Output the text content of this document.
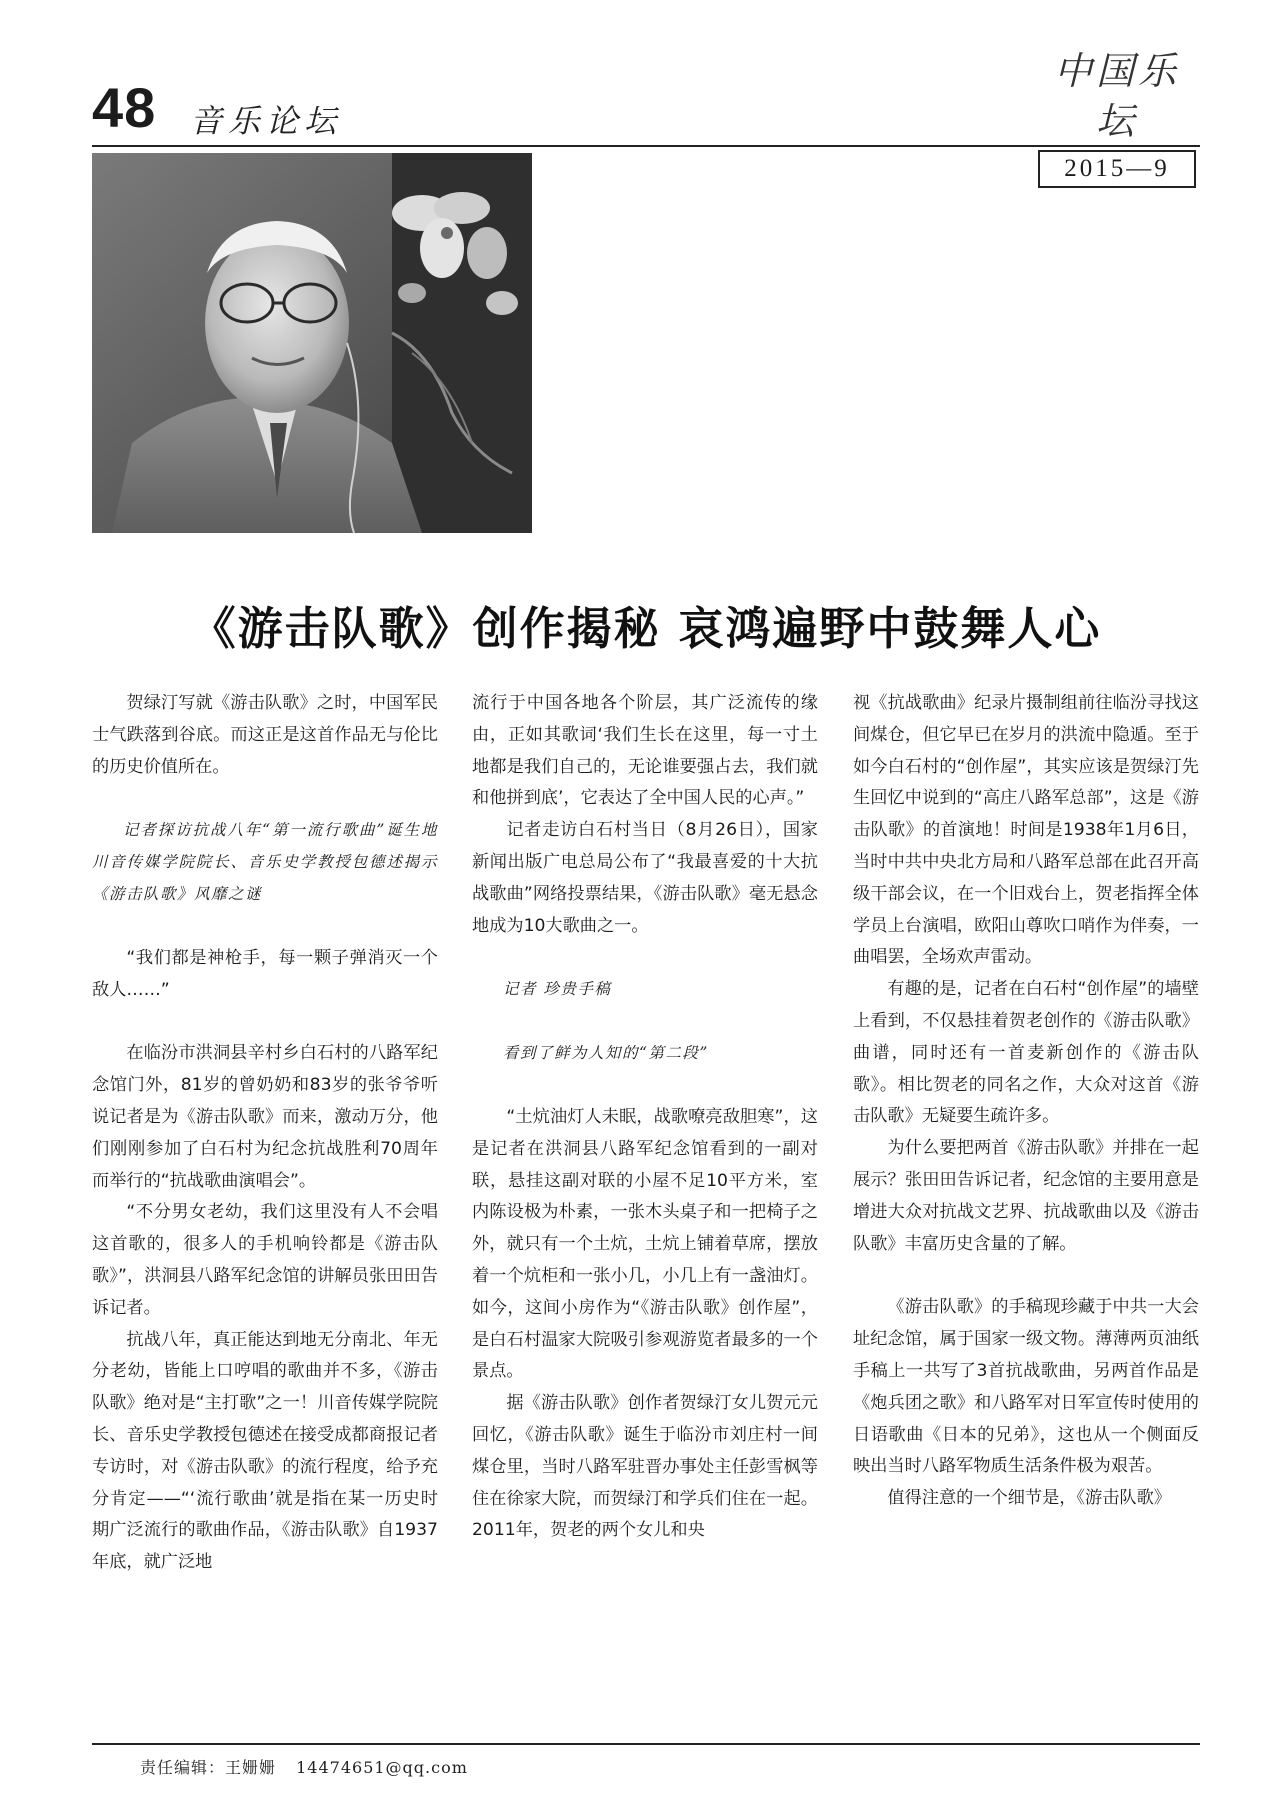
48 音乐论坛
中国乐坛
2015—9
《游击队歌》创作揭秘 哀鸿遍野中鼓舞人心

贺绿汀写就《游击队歌》之时，中国军民士气跌落到谷底。而这正是这首作品无与伦比的历史价值所在。

记者探访抗战八年“第一流行歌曲”诞生地川音传媒学院院长、音乐史学教授包德述揭示《游击队歌》风靡之谜

“我们都是神枪手，每一颗子弹消灭一个敌人……”

在临汾市洪洞县辛村乡白石村的八路军纪念馆门外，81岁的曾奶奶和83岁的张爷爷听说记者是为《游击队歌》而来，激动万分，他们刚刚参加了白石村为纪念抗战胜利70周年而举行的“抗战歌曲演唱会”。

“不分男女老幼，我们这里没有人不会唱这首歌的，很多人的手机响铃都是《游击队歌》”，洪洞县八路军纪念馆的讲解员张田田告诉记者。

抗战八年，真正能达到地无分南北、年无分老幼，皆能上口哼唱的歌曲并不多，《游击队歌》绝对是“主打歌”之一！川音传媒学院院长、音乐史学教授包德述在接受成都商报记者专访时，对《游击队歌》的流行程度，给予充分肯定——“‘流行歌曲’就是指在某一历史时期广泛流行的歌曲作品，《游击队歌》自1937年底，就广泛地

流行于中国各地各个阶层，其广泛流传的缘由，正如其歌词‘我们生长在这里，每一寸土地都是我们自己的，无论谁要强占去，我们就和他拼到底’，它表达了全中国人民的心声。”

记者走访白石村当日（8月26日），国家新闻出版广电总局公布了“我最喜爱的十大抗战歌曲”网络投票结果，《游击队歌》毫无悬念地成为10大歌曲之一。

记者 珍贵手稿

看到了鲜为人知的“第二段”

“土炕油灯人未眠，战歌嘹亮敌胆寒”，这是记者在洪洞县八路军纪念馆看到的一副对联，悬挂这副对联的小屋不足10平方米，室内陈设极为朴素，一张木头桌子和一把椅子之外，就只有一个土炕，土炕上铺着草席，摆放着一个炕柜和一张小几，小几上有一盏油灯。如今，这间小房作为“《游击队歌》创作屋”，是白石村温家大院吸引参观游览者最多的一个景点。

据《游击队歌》创作者贺绿汀女儿贺元元回忆，《游击队歌》诞生于临汾市刘庄村一间煤仓里，当时八路军驻晋办事处主任彭雪枫等住在徐家大院，而贺绿汀和学兵们住在一起。2011年，贺老的两个女儿和央

视《抗战歌曲》纪录片摄制组前往临汾寻找这间煤仓，但它早已在岁月的洪流中隐遁。至于如今白石村的“创作屋”，其实应该是贺绿汀先生回忆中说到的“高庄八路军总部”，这是《游击队歌》的首演地！时间是1938年1月6日，当时中共中央北方局和八路军总部在此召开高级干部会议，在一个旧戏台上，贺老指挥全体学员上台演唱，欧阳山尊吹口哨作为伴奏，一曲唱罢，全场欢声雷动。

有趣的是，记者在白石村“创作屋”的墙壁上看到，不仅悬挂着贺老创作的《游击队歌》曲谱，同时还有一首麦新创作的《游击队歌》。相比贺老的同名之作，大众对这首《游击队歌》无疑要生疏许多。

为什么要把两首《游击队歌》并排在一起展示？张田田告诉记者，纪念馆的主要用意是增进大众对抗战文艺界、抗战歌曲以及《游击队歌》丰富历史含量的了解。

《游击队歌》的手稿现珍藏于中共一大会址纪念馆，属于国家一级文物。薄薄两页油纸手稿上一共写了3首抗战歌曲，另两首作品是《炮兵团之歌》和八路军对日军宣传时使用的日语歌曲《日本的兄弟》，这也从一个侧面反映出当时八路军物质生活条件极为艰苦。

值得注意的一个细节是，《游击队歌》

责任编辑：王姗姗 14474651@qq.com
